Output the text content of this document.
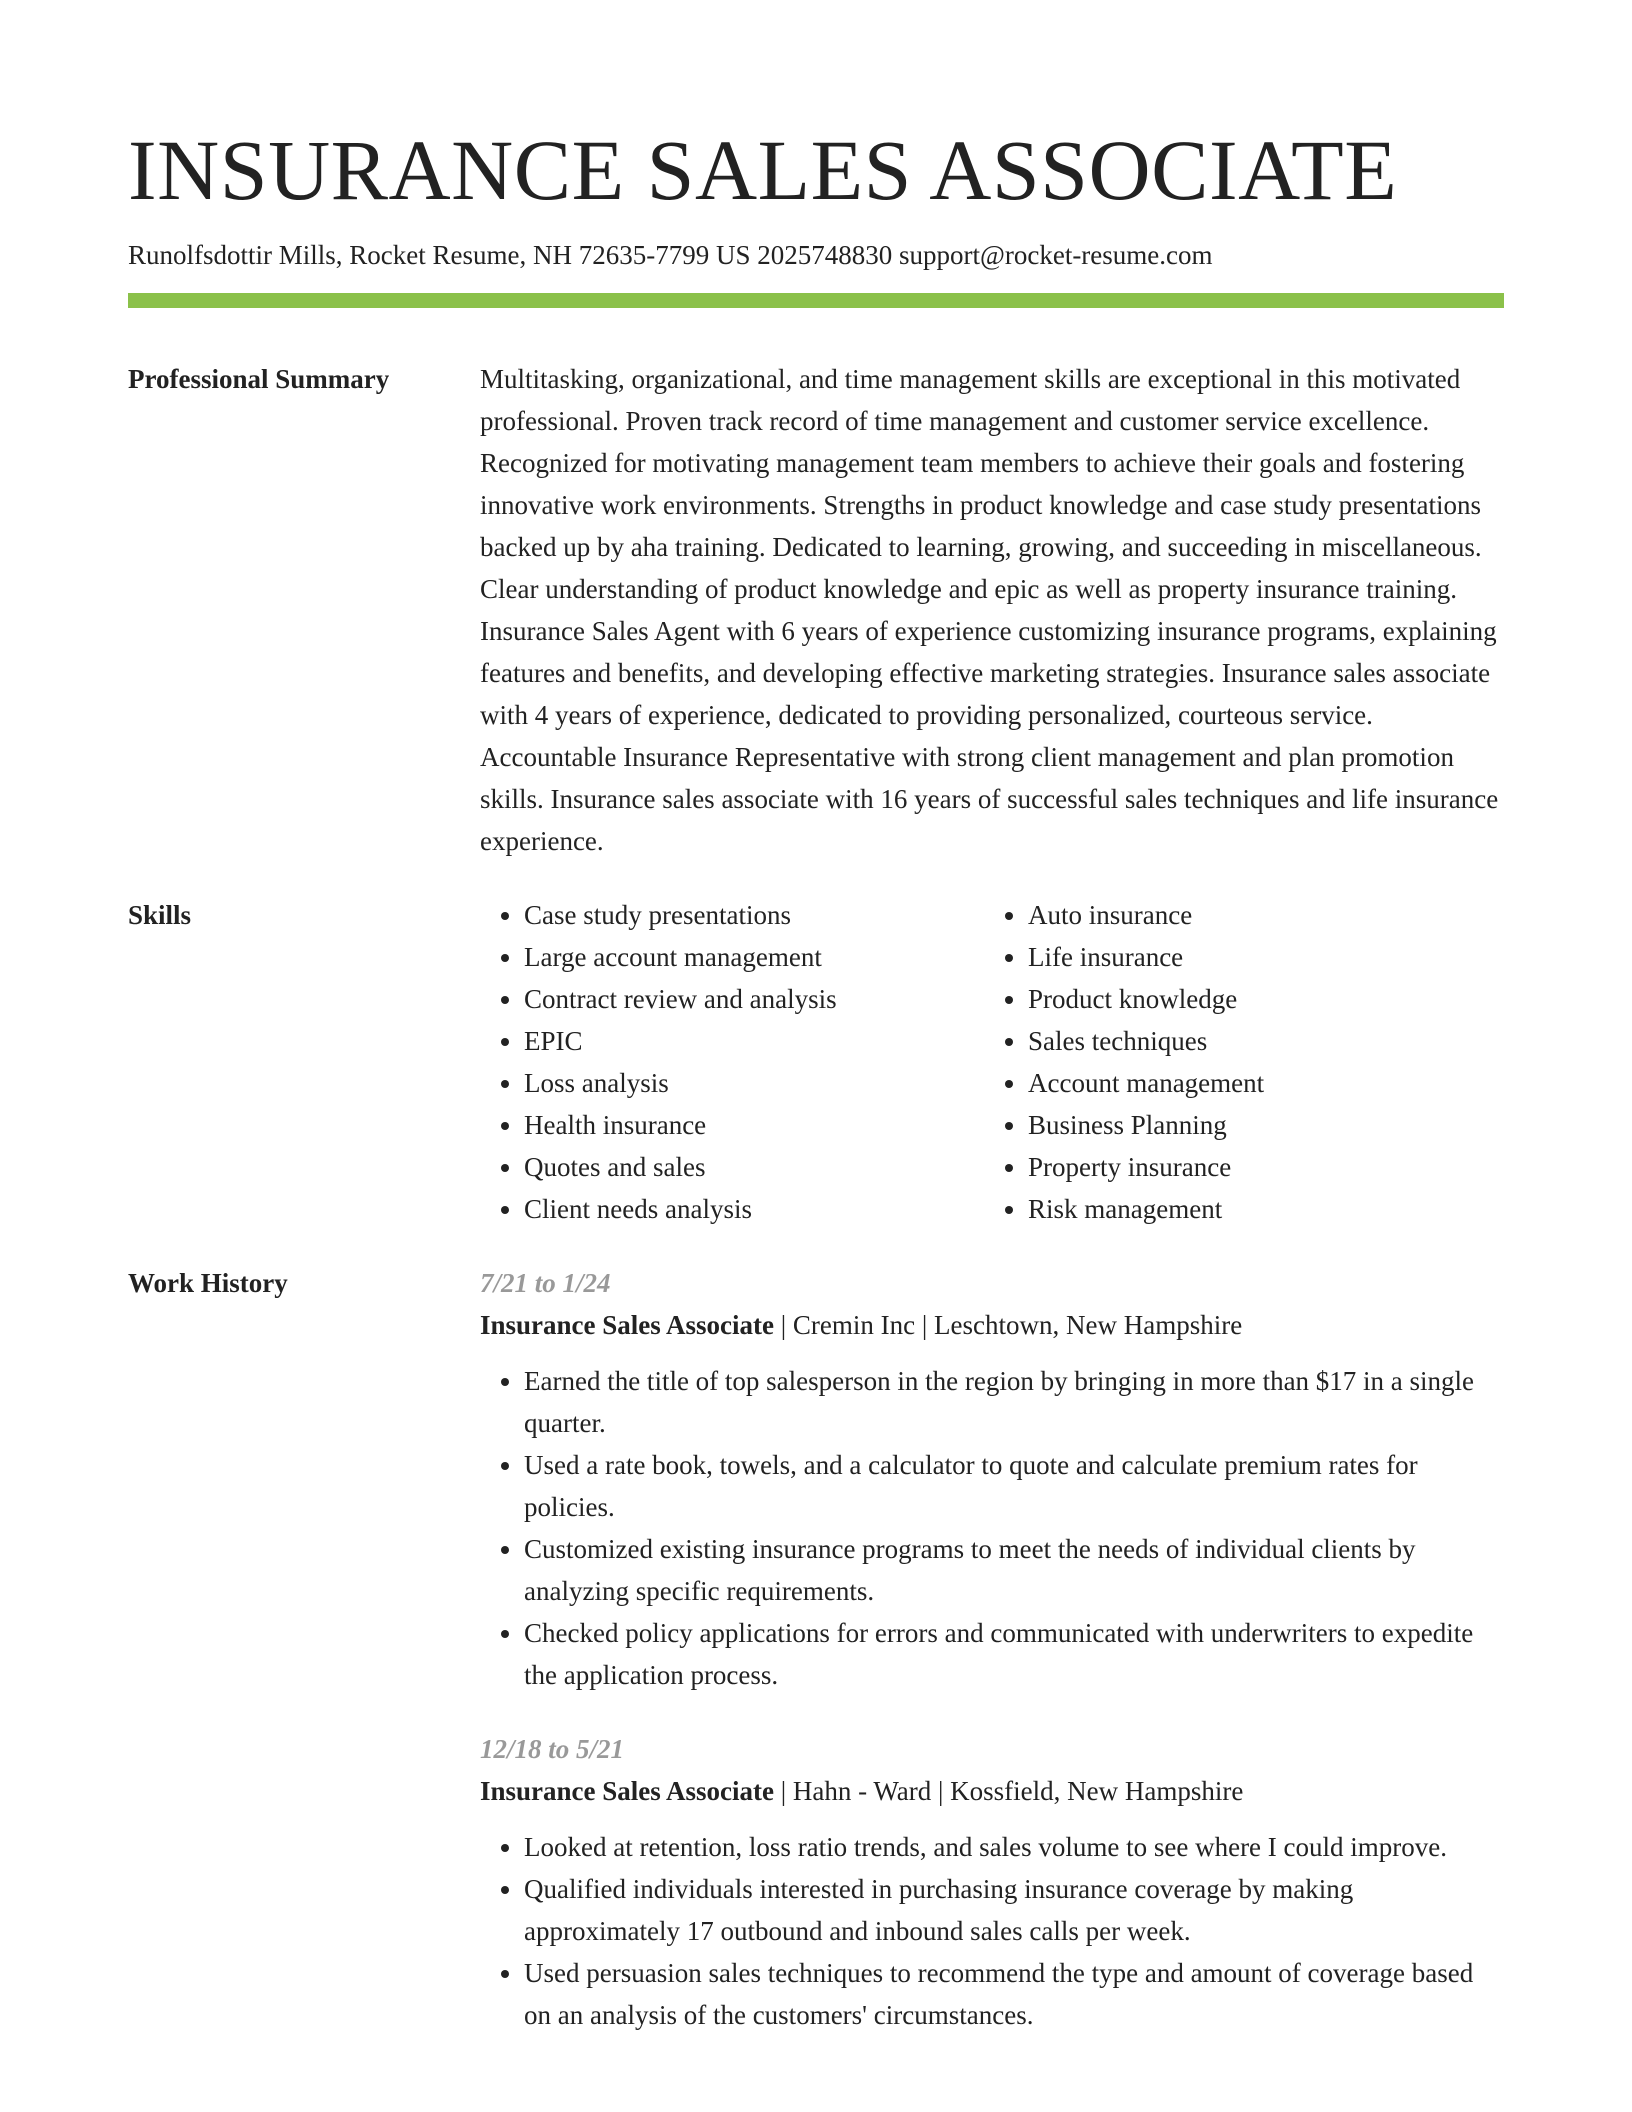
INSURANCE SALES ASSOCIATE
Runolfsdottir Mills, Rocket Resume, NH 72635-7799 US 2025748830 support@rocket-resume.com
Professional Summary	Multitasking, organizational, and time management skills are exceptional in this motivated professional. Proven track record of time management and customer service excellence. Recognized for motivating management team members to achieve their goals and fostering innovative work environments. Strengths in product knowledge and case study presentations backed up by aha training. Dedicated to learning, growing, and succeeding in miscellaneous. Clear understanding of product knowledge and epic as well as property insurance training. Insurance Sales Agent with 6 years of experience customizing insurance programs, explaining features and benefits, and developing effective marketing strategies. Insurance sales associate with 4 years of experience, dedicated to providing personalized, courteous service. Accountable Insurance Representative with strong client management and plan promotion skills. Insurance sales associate with 16 years of successful sales techniques and life insurance experience.
Skills
•	Case study presentations
• Large account management
• Contract review and analysis
• EPIC
• Loss analysis
• Health insurance
• Quotes and sales
• Client needs analysis
• Auto insurance
• Life insurance
• Product knowledge
• Sales techniques
• Account management
• Business Planning
• Property insurance
• Risk management
Work History	7/21 to 1/24
Insurance Sales Associate | Cremin Inc | Leschtown, New Hampshire
• Earned the title of top salesperson in the region by bringing in more than $17 in a single quarter.
• Used a rate book, towels, and a calculator to quote and calculate premium rates for policies.
• Customized existing insurance programs to meet the needs of individual clients by analyzing specific requirements.
• Checked policy applications for errors and communicated with underwriters to expedite the application process.
12/18 to 5/21
Insurance Sales Associate | Hahn - Ward | Kossfield, New Hampshire
• Looked at retention, loss ratio trends, and sales volume to see where I could improve.
• Qualified individuals interested in purchasing insurance coverage by making approximately 17 outbound and inbound sales calls per week.
• Used persuasion sales techniques to recommend the type and amount of coverage based on an analysis of the customers' circumstances.
